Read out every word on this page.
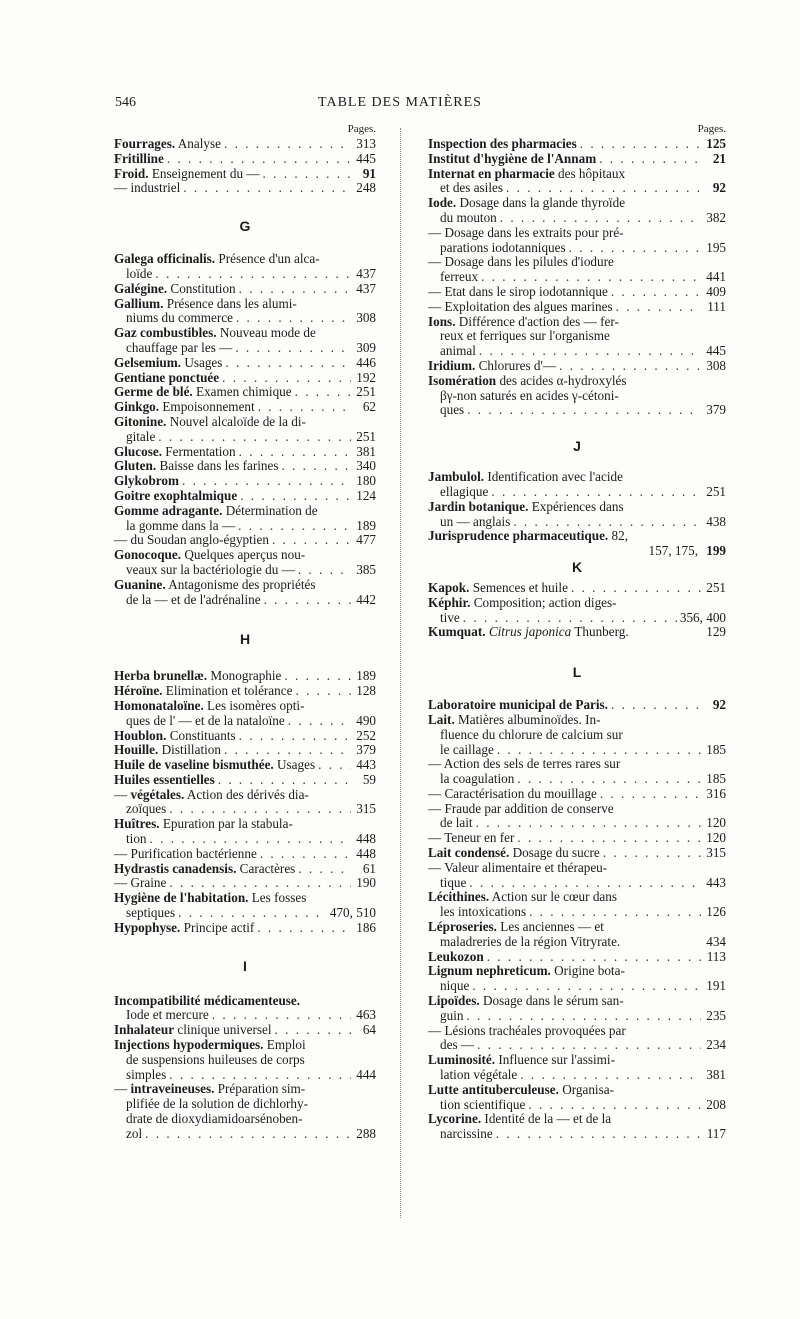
546	TABLE DES MATIÈRES
Pages.
Fourrages. Analyse . . .	313
Fritilline . . .	445
Froid. Enseignement du — . . .	91
— industriel . . .	248
G
Galega officinalis. Présence d'un alca-
loïde . . .	437
Galégine. Constitution . . .	437
Gallium. Présence dans les alumi-
niums du commerce . . .	308
Gaz combustibles. Nouveau mode de
chauffage par les — . . .	309
Gelsemium. Usages . . .	446
Gentiane ponctuée . . .	192
Germe de blé. Examen chimique . . .	251
Ginkgo. Empoisonnement . . .	62
Gitonine. Nouvel alcaloïde de la di-
gitale . . .	251
Glucose. Fermentation . . .	381
Gluten. Baisse dans les farines . . .	340
Glykobrom . . .	180
Goitre exophtalmique . . .	124
Gomme adragante. Détermination de
la gomme dans la — . . .	189
— du Soudan anglo-égyptien . . .	477
Gonocoque. Quelques aperçus nou-
veaux sur la bactériologie du — . . .	385
Guanine. Antagonisme des propriétés
de la — et de l'adrénaline . . .	442
H
Herba brunellæ. Monographie . . .	189
Héroïne. Elimination et tolérance . . .	128
Homonataloïne. Les isomères opti-
ques de l' — et de la nataloïne . . .	490
Houblon. Constituants . . .	252
Houille. Distillation . . .	379
Huile de vaseline bismuthée. Usages . . .	443
Huiles essentielles . . .	59
— végétales. Action des dérivés dia-
zoïques . . .	315
Huîtres. Epuration par la stabula-
tion . . .	448
— Purification bactérienne . . .	448
Hydrastis canadensis. Caractères . . .	61
— Graine . . .	190
Hygiène de l'habitation. Les fosses
septiques . . .	470, 510
Hypophyse. Principe actif . . .	186
I
Incompatibilité médicamenteuse.
Iode et mercure . . .	463
Inhalateur clinique universel . . .	64
Injections hypodermiques. Emploi
de suspensions huileuses de corps
simples . . .	444
— intraveineuses. Préparation sim-
plifiée de la solution de dichlorhy-
drate de dioxydiamidoarsénoben-
zol . . .	288
Pages.
Inspection des pharmacies . . .	125
Institut d'hygiène de l'Annam . . .	21
Internat en pharmacie des hôpitaux
et des asiles . . .	92
Iode. Dosage dans la glande thyroïde
du mouton . . .	382
— Dosage dans les extraits pour pré-
parations iodotanniques . . .	195
— Dosage dans les pilules d'iodure
ferreux . . .	441
— Etat dans le sirop iodotannique . . .	409
— Exploitation des algues marines . . .	111
Ions. Différence d'action des — fer-
reux et ferriques sur l'organisme
animal . . .	445
Iridium. Chlorures d'— . . .	308
Isomération des acides α-hydroxylés
βγ-non saturés en acides γ-cétoni-
ques . . .	379
J
Jambulol. Identification avec l'acide
ellagique . . .	251
Jardin botanique. Expériences dans
un — anglais . . .	438
Jurisprudence pharmaceutique. 82,
157, 175, 199
K
Kapok. Semences et huile . . .	251
Képhir. Composition; action diges-
tive . . .	356, 400
Kumquat. Citrus japonica Thunberg.	129
L
Laboratoire municipal de Paris. . . .	92
Lait. Matières albuminoïdes. In-
fluence du chlorure de calcium sur
le caillage . . .	185
— Action des sels de terres rares sur
la coagulation . . .	185
— Caractérisation du mouillage . . .	316
— Fraude par addition de conserve
de lait . . .	120
— Teneur en fer . . .	120
Lait condensé. Dosage du sucre . . .	315
— Valeur alimentaire et thérapeu-
tique . . .	443
Lécithines. Action sur le cœur dans
les intoxications . . .	126
Léproseries. Les anciennes — et
maladreries de la région Vitryrate.	434
Leukozon . . .	113
Lignum nephreticum. Origine bota-
nique . . .	191
Lipoïdes. Dosage dans le sérum san-
guin . . .	235
— Lésions trachéales provoquées par
des — . . .	234
Luminosité. Influence sur l'assimi-
lation végétale . . .	381
Lutte antituberculeuse. Organisa-
tion scientifique . . .	208
Lycorine. Identité de la — et de la
narcissine . . .	117
